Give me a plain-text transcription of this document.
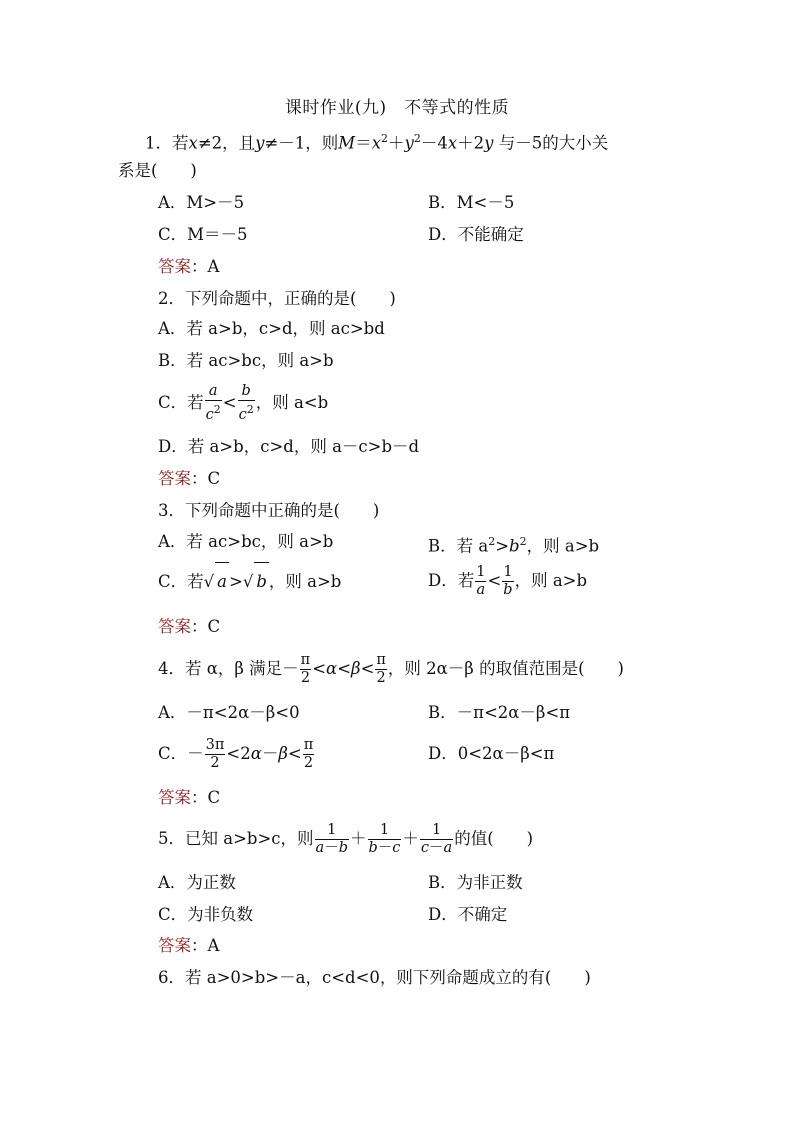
课时作业(九)　不等式的性质
1．若x≠2，且y≠－1，则$M=x^2+y^2-4x+2y$ 与－5的大小关
系是(　　)
A．M>－5	B．M<－5
C．M＝－5	D．不能确定
答案：A
2．下列命题中，正确的是(　　)
A．若 a>b，c>d，则 ac>bd
B．若 ac>bc，则 a>b
C．若 $\frac{a}{c^2} < \frac{b}{c^2}$ ，则 a<b
D．若 a>b，c>d，则 a－c>b－d
答案：C
3．下列命题中正确的是(　　)
A．若 ac>bc，则 a>b	B．若 $a^2>b^2$，则 a>b
C．若√ a >√ b ，则 a>b	D．若 $\frac{1}{a} < \frac{1}{b}$ ，则 a>b
答案：C
4．若 α，β 满足－ $\frac{\pi}{2} <\alpha<\beta< \frac{\pi}{2}$ ，则 2α－β 的取值范围是(　　)
A．－π<2α－β<0	B．－π<2α－β<π
C．－ $\frac{3\pi}{2} <2\alpha-\beta< \frac{\pi}{2}$	D．0<2α－β<π
答案：C
5．已知 a>b>c，则 $\frac{1}{a-b} + \frac{1}{b-c} + \frac{1}{c-a}$ 的值(　　)
A．为正数	B．为非正数
C．为非负数	D．不确定
答案：A
6．若 a>0>b>－a，c<d<0，则下列命题成立的有(　　)
